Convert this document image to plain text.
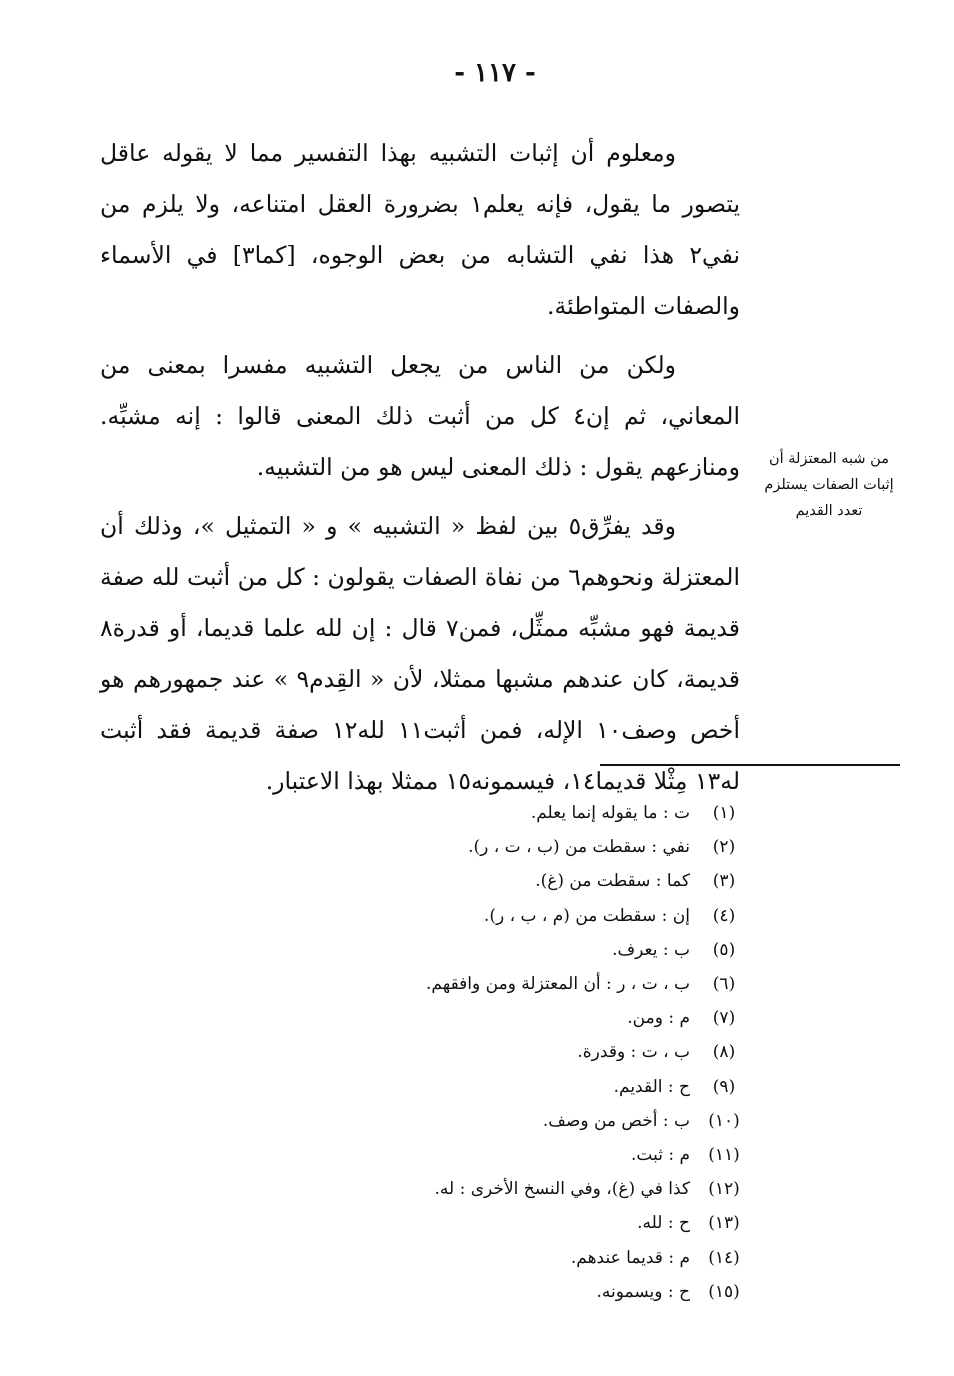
- ١١٧ -

ومعلوم أن إثبات التشبيه بهذا التفسير مما لا يقوله عاقل يتصور ما يقول، فإنه يعلم١ بضرورة العقل امتناعه، ولا يلزم من نفي٢ هذا نفي التشابه من بعض الوجوه، [كما٣] في الأسماء والصفات المتواطئة.

ولكن من الناس من يجعل التشبيه مفسرا بمعنى من المعاني، ثم إن٤ كل من أثبت ذلك المعنى قالوا : إنه مشبِّه. ومنازعهم يقول : ذلك المعنى ليس هو من التشبيه.

وقد يفرِّق٥ بين لفظ « التشبيه » و « التمثيل »، وذلك أن المعتزلة ونحوهم٦ من نفاة الصفات يقولون : كل من أثبت لله صفة قديمة فهو مشبِّه ممثِّل، فمن٧ قال : إن لله علما قديما، أو قدرة٨ قديمة، كان عندهم مشبها ممثلا، لأن « القِدم٩ » عند جمهورهم هو أخص وصف١٠ الإله، فمن أثبت١١ لله١٢ صفة قديمة فقد أثبت له١٣ مِثْلا قديما١٤، فيسمونه١٥ ممثلا بهذا الاعتبار.

من شبه المعتزلة أن إثبات الصفات يستلزم تعدد القديم
(١)
ت : ما يقوله إنما يعلم.
(٢)
نفي : سقطت من (ب ، ت ، ر).
(٣)
كما : سقطت من (غ).
(٤)
إن : سقطت من (م ، ب ، ر).
(٥)
ب : يعرف.
(٦)
ب ، ت ، ر : أن المعتزلة ومن وافقهم.
(٧)
م : ومن.
(٨)
ب ، ت : وقدرة.
(٩)
ح : القديم.
(١٠)
ب : أخص من وصف.
(١١)
م : ثبت.
(١٢)
كذا في (غ)، وفي النسخ الأخرى : له.
(١٣)
ح : لله.
(١٤)
م : قديما عندهم.
(١٥)
ح : ويسمونه.
